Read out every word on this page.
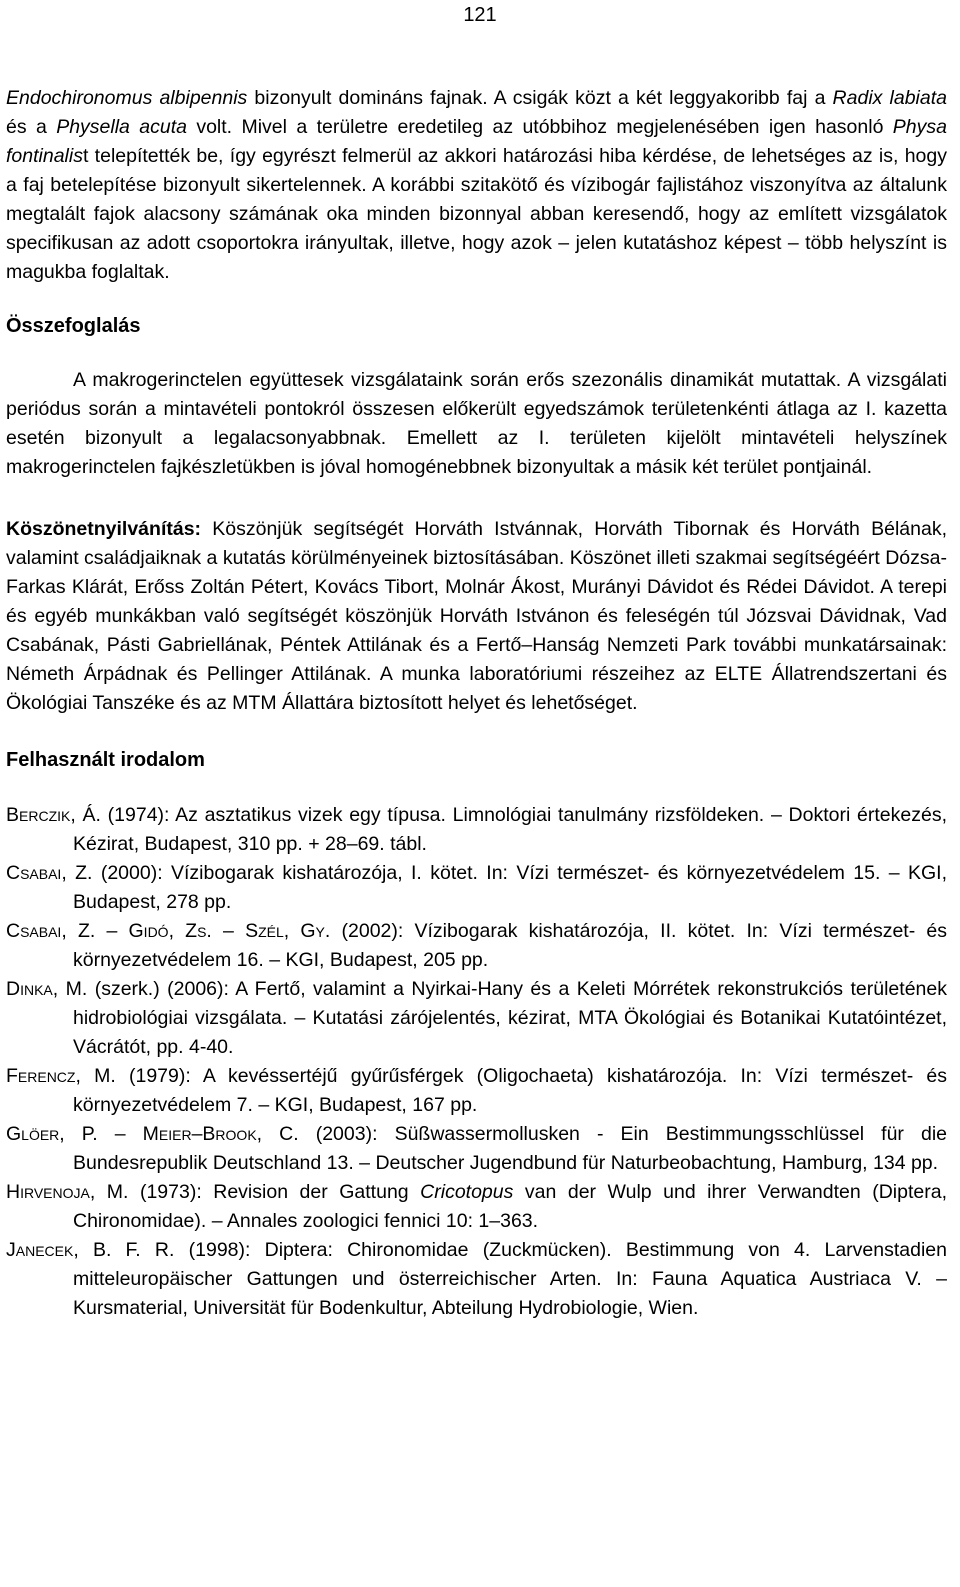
121

Endochironomus albipennis bizonyult domináns fajnak. A csigák közt a két leggyakoribb faj a Radix labiata és a Physella acuta volt. Mivel a területre eredetileg az utóbbihoz megjelenésében igen hasonló Physa fontinalist telepítették be, így egyrészt felmerül az akkori határozási hiba kérdése, de lehetséges az is, hogy a faj betelepítése bizonyult sikertelennek. A korábbi szitakötő és vízibogár fajlistához viszonyítva az általunk megtalált fajok alacsony számának oka minden bizonnyal abban keresendő, hogy az említett vizsgálatok specifikusan az adott csoportokra irányultak, illetve, hogy azok – jelen kutatáshoz képest – több helyszínt is magukba foglaltak.

Összefoglalás

A makrogerinctelen együttesek vizsgálataink során erős szezonális dinamikát mutattak. A vizsgálati periódus során a mintavételi pontokról összesen előkerült egyedszámok területenkénti átlaga az I. kazetta esetén bizonyult a legalacsonyabbnak. Emellett az I. területen kijelölt mintavételi helyszínek makrogerinctelen fajkészletükben is jóval homogénebbnek bizonyultak a másik két terület pontjainál.

Köszönetnyilvánítás: Köszönjük segítségét Horváth Istvánnak, Horváth Tibornak és Horváth Bélának, valamint családjaiknak a kutatás körülményeinek biztosításában. Köszönet illeti szakmai segítségéért Dózsa-Farkas Klárát, Erőss Zoltán Pétert, Kovács Tibort, Molnár Ákost, Murányi Dávidot és Rédei Dávidot. A terepi és egyéb munkákban való segítségét köszönjük Horváth Istvánon és feleségén túl Józsvai Dávidnak, Vad Csabának, Pásti Gabriellának, Péntek Attilának és a Fertő–Hanság Nemzeti Park további munkatársainak: Németh Árpádnak és Pellinger Attilának. A munka laboratóriumi részeihez az ELTE Állatrendszertani és Ökológiai Tanszéke és az MTM Állattára biztosított helyet és lehetőséget.

Felhasznált irodalom

Berczik, Á. (1974): Az asztatikus vizek egy típusa. Limnológiai tanulmány rizsföldeken. – Doktori értekezés, Kézirat, Budapest, 310 pp. + 28–69. tábl.

Csabai, Z. (2000): Vízibogarak kishatározója, I. kötet. In: Vízi természet- és környezetvédelem 15. – KGI, Budapest, 278 pp.

Csabai, Z. – Gidó, Zs. – Szél, Gy. (2002): Vízibogarak kishatározója, II. kötet. In: Vízi természet- és környezetvédelem 16. – KGI, Budapest, 205 pp.

Dinka, M. (szerk.) (2006): A Fertő, valamint a Nyirkai-Hany és a Keleti Mórrétek rekonstrukciós területének hidrobiológiai vizsgálata. – Kutatási zárójelentés, kézirat, MTA Ökológiai és Botanikai Kutatóintézet, Vácrátót, pp. 4-40.

Ferencz, M. (1979): A kevéssertéjű gyűrűsférgek (Oligochaeta) kishatározója. In: Vízi természet- és környezetvédelem 7. – KGI, Budapest, 167 pp.

Glöer, P. – Meier–Brook, C. (2003): Süßwassermollusken - Ein Bestimmungsschlüssel für die Bundesrepublik Deutschland 13. – Deutscher Jugendbund für Naturbeobachtung, Hamburg, 134 pp.

Hirvenoja, M. (1973): Revision der Gattung Cricotopus van der Wulp und ihrer Verwandten (Diptera, Chironomidae). – Annales zoologici fennici 10: 1–363.

Janecek, B. F. R. (1998): Diptera: Chironomidae (Zuckmücken). Bestimmung von 4. Larvenstadien mitteleuropäischer Gattungen und österreichischer Arten. In: Fauna Aquatica Austriaca V. – Kursmaterial, Universität für Bodenkultur, Abteilung Hydrobiologie, Wien.
